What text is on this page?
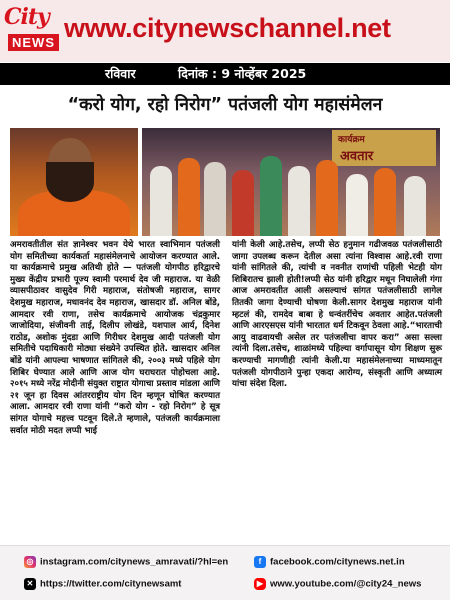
City
NEWS www.citynewschannel.net
रविवार	दिनांक : 9 नोव्हेंबर 2025
“करो योग, रहो निरोग” पतंजली योग महासंमेलन
कार्यक्रम
अवतार
अमरावतीतील संत ज्ञानेश्वर भवन येथे भारत स्वाभिमान पतंजली योग समितीच्या कार्यकर्ता महासंमेलनाचे आयोजन करण्यात आले. या कार्यक्रमाचे प्रमुख अतिथी होते — पतंजली योगपीठ हरिद्वारचे मुख्य केंद्रीय प्रभारी पूज्य स्वामी परमार्थ देव जी महाराज. या वेळी व्यासपीठावर वासुदेव गिरी महाराज, संतोषजी महाराज, सागर देशमुख महाराज, मधावनंद देव महाराज, खासदार डॉ. अनिल बोंडे, आमदार रवी राणा, तसेच कार्यक्रमाचे आयोजक चंद्रकुमार जाजोदिया, संजीवनी ताई, दिलीप लोखंडे, यशपाल आर्य, दिनेश राठोड, अशोक मुंदडा आणि गिरीधर देशमुख आदी पतंजली योग समितीचे पदाधिकारी मोठ्या संख्येने उपस्थित होते. खासदार अनिल बोंडे यांनी आपल्या भाषणात सांगितले की, २००३ मध्ये पहिले योग शिबिर घेण्यात आले आणि आज योग घराघरात पोहोचला आहे. २०१५ मध्ये नरेंद्र मोदीनी संयुक्त राष्ट्रात योगाचा प्रस्ताव मांडला आणि २१ जून हा दिवस आंतरराष्ट्रीय योग दिन म्हणून घोषित करण्यात आला. आमदार रवी राणा यांनी “करो योग - रहो निरोग” हे सूत्र सांगत योगाचे महत्त्व पटवून दिले.ते म्हणाले, पतंजली कार्यक्रमाला सर्वात मोठी मदत लप्पी भाई
यांनी केली आहे.तसेच, लप्पी सेठ हनुमान गढीजवळ पतंजलीसाठी जागा उपलब्ध करून देतील असा त्यांना विश्वास आहे.रवी राणा यांनी सांगितले की, त्यांची व नवनीत राणांची पहिली भेटही योग शिबिरातच झाली होती!लप्पी सेठ यांनी हरिद्वार मधून निघालेली गंगा आज अमरावतीत आली असल्याचं सांगत पतंजलीसाठी लागेल तितकी जागा देण्याची घोषणा केली.सागर देशमुख महाराज यांनी म्हटलं की, रामदेव बाबा हे धन्वंतरींचेच अवतार आहेत.पतंजली आणि आरएसएस यांनी भारतात धर्म टिकवून ठेवला आहे.“भारताची आयु वाढवायची असेल तर पतंजलीचा वापर करा” असा सल्ला त्यांनी दिला.तसेच, शाळांमध्ये पहिल्या वर्गापासून योग शिक्षण सुरू करण्याची मागणीही त्यांनी केली.या महासंमेलनाच्या माध्यमातून पतंजली योगपीठाने पुन्हा एकदा आरोग्य, संस्कृती आणि अध्यात्म यांचा संदेश दिला.
◎ instagram.com/citynews_amravati/?hl=en	f facebook.com/citynews.net.in
✕ https://twitter.com/citynewsamt	▶ www.youtube.com/@city24_news
